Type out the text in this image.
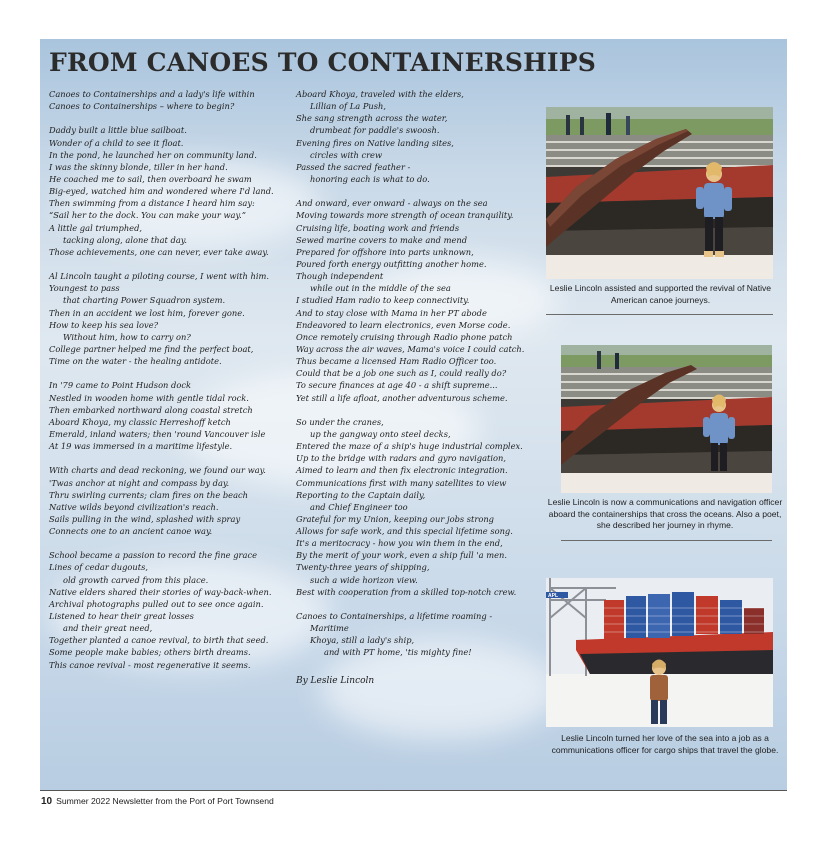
FROM CANOES TO CONTAINERSHIPS
Canoes to Containerships and a lady's life within
Canoes to Containerships – where to begin?
Daddy built a little blue sailboat.
Wonder of a child to see it float.
In the pond, he launched her on community land.
I was the skinny blonde, tiller in her hand.
He coached me to sail, then overboard he swam
Big-eyed, watched him and wondered where I'd land.
Then swimming from a distance I heard him say:
“Sail her to the dock. You can make your way.”
A little gal triumphed,
tacking along, alone that day.
Those achievements, one can never, ever take away.
Al Lincoln taught a piloting course, I went with him.
Youngest to pass
that charting Power Squadron system.
Then in an accident we lost him, forever gone.
How to keep his sea love?
Without him, how to carry on?
College partner helped me find the perfect boat,
Time on the water - the healing antidote.
In '79 came to Point Hudson dock
Nestled in wooden home with gentle tidal rock.
Then embarked northward along coastal stretch
Aboard Khoya, my classic Herreshoff ketch
Emerald, inland waters; then 'round Vancouver isle
At 19 was immersed in a maritime lifestyle.
With charts and dead reckoning, we found our way.
'Twas anchor at night and compass by day.
Thru swirling currents; clam fires on the beach
Native wilds beyond civilization's reach.
Sails pulling in the wind, splashed with spray
Connects one to an ancient canoe way.
School became a passion to record the fine grace
Lines of cedar dugouts,
old growth carved from this place.
Native elders shared their stories of way-back-when.
Archival photographs pulled out to see once again.
Listened to hear their great losses
and their great need,
Together planted a canoe revival, to birth that seed.
Some people make babies; others birth dreams.
This canoe revival - most regenerative it seems.
Aboard Khoya, traveled with the elders,
Lillian of La Push,
She sang strength across the water,
drumbeat for paddle's swoosh.
Evening fires on Native landing sites,
circles with crew
Passed the sacred feather -
honoring each is what to do.
And onward, ever onward - always on the sea
Moving towards more strength of ocean tranquility.
Cruising life, boating work and friends
Sewed marine covers to make and mend
Prepared for offshore into parts unknown,
Poured forth energy outfitting another home.
Though independent
while out in the middle of the sea
I studied Ham radio to keep connectivity.
And to stay close with Mama in her PT abode
Endeavored to learn electronics, even Morse code.
Once remotely cruising through Radio phone patch
Way across the air waves, Mama's voice I could catch.
Thus became a licensed Ham Radio Officer too.
Could that be a job one such as I, could really do?
To secure finances at age 40 - a shift supreme...
Yet still a life afloat, another adventurous scheme.
So under the cranes,
up the gangway onto steel decks,
Entered the maze of a ship's huge industrial complex.
Up to the bridge with radars and gyro navigation,
Aimed to learn and then fix electronic integration.
Communications first with many satellites to view
Reporting to the Captain daily,
and Chief Engineer too
Grateful for my Union, keeping our jobs strong
Allows for safe work, and this special lifetime song.
It's a meritocracy - how you win them in the end,
By the merit of your work, even a ship full 'a men.
Twenty-three years of shipping,
such a wide horizon view.
Best with cooperation from a skilled top-notch crew.
Canoes to Containerships, a lifetime roaming -
Maritime
Khoya, still a lady's ship,
and with PT home, 'tis mighty fine!
By Leslie Lincoln
Leslie Lincoln assisted and supported the revival of Native American canoe journeys.
Leslie Lincoln is now a communications and navigation officer aboard the containerships that cross the oceans. Also a poet, she described her journey in rhyme.
APL
Leslie Lincoln turned her love of the sea into a job as a communications officer for cargo ships that travel the globe.
10 Summer 2022 Newsletter from the Port of Port Townsend
